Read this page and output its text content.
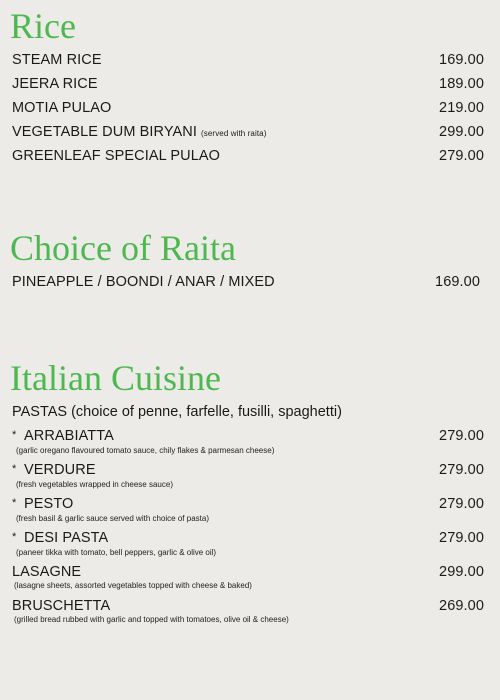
Rice
STEAM RICE	169.00
JEERA RICE	189.00
MOTIA PULAO	219.00
VEGETABLE DUM BIRYANI (served with raita)	299.00
GREENLEAF SPECIAL PULAO	279.00
Choice of Raita
PINEAPPLE / BOONDI / ANAR / MIXED	169.00
Italian Cuisine
PASTAS (choice of penne, farfelle, fusilli, spaghetti)
* ARRABIATTA	279.00
(garlic oregano flavoured tomato sauce, chily flakes & parmesan cheese)
* VERDURE	279.00
(fresh vegetables wrapped in cheese sauce)
* PESTO	279.00
(fresh basil & garlic sauce served with choice of pasta)
* DESI PASTA	279.00
(paneer tikka with tomato, bell peppers, garlic & olive oil)
LASAGNE	299.00
(lasagne sheets, assorted vegetables topped with cheese & baked)
BRUSCHETTA	269.00
(grilled bread rubbed with garlic and topped with tomatoes, olive oil & cheese)
